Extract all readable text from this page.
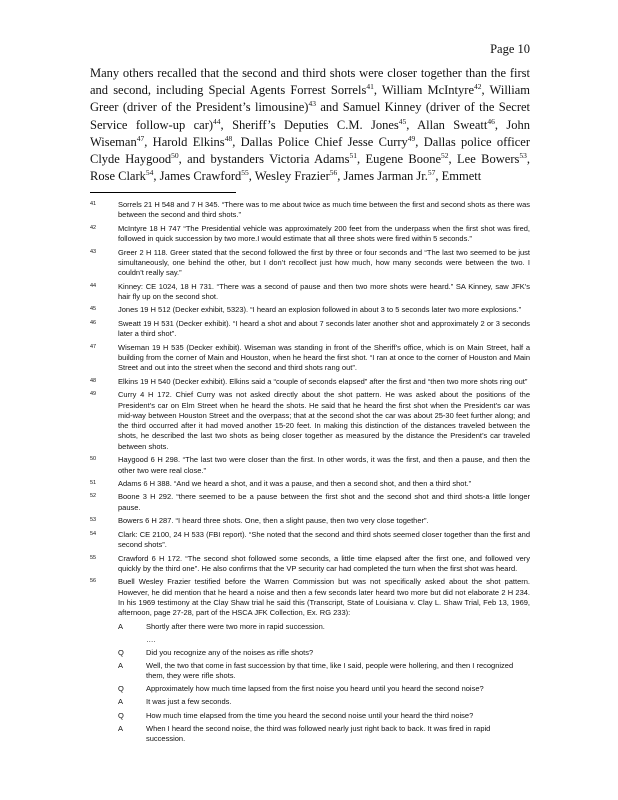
Page 10

Many others recalled that the second and third shots were closer together than the first and second, including Special Agents Forrest Sorrels$^{41}$, William McIntyre$^{42}$, William Greer (driver of the President’s limousine)$^{43}$ and Samuel Kinney (driver of the Secret Service follow-up car)$^{44}$, Sheriff’s Deputies C.M. Jones$^{45}$, Allan Sweatt$^{46}$, John Wiseman$^{47}$, Harold Elkins$^{48}$, Dallas Police Chief Jesse Curry$^{49}$, Dallas police officer Clyde Haygood$^{50}$, and bystanders Victoria Adams$^{51}$, Eugene Boone$^{52}$, Lee Bowers$^{53}$, Rose Clark$^{54}$, James Crawford$^{55}$, Wesley Frazier$^{56}$, James Jarman Jr.$^{57}$, Emmett

41	Sorrels 21 H 548 and 7 H 345. “There was to me about twice as much time between the first and second shots as there was between the second and third shots.”
42	McIntyre 18 H 747 “The Presidential vehicle was approximately 200 feet from the underpass when the first shot was fired, followed in quick succession by two more.I would estimate that all three shots were fired within 5 seconds.”
43	Greer 2 H 118. Greer stated that the second followed the first by three or four seconds and “The last two seemed to be just simultaneously, one behind the other, but I don’t recollect just how much, how many seconds were between the two. I couldn’t really say.”
44	Kinney: CE 1024, 18 H 731. “There was a second of pause and then two more shots were heard.” SA Kinney, saw JFK’s hair fly up on the second shot.
45	Jones 19 H 512 (Decker exhibit, 5323). “I heard an explosion followed in about 3 to 5 seconds later two more explosions.”
46	Sweatt 19 H 531 (Decker exhibit). “I heard a shot and about 7 seconds later another shot and approximately 2 or 3 seconds later a third shot”.
47	Wiseman 19 H 535 (Decker exhibit). Wiseman was standing in front of the Sheriff’s office, which is on Main Street, half a building from the corner of Main and Houston, when he heard the first shot. “I ran at once to the corner of Houston and Main Street and out into the street when the second and third shots rang out”.
48	Elkins 19 H 540 (Decker exhibit). Elkins said a “couple of seconds elapsed” after the first and “then two more shots ring out”
49	Curry 4 H 172. Chief Curry was not asked directly about the shot pattern. He was asked about the positions of the President’s car on Elm Street when he heard the shots. He said that he heard the first shot when the President’s car was mid-way between Houston Street and the overpass; that at the second shot the car was about 25-30 feet further along; and the third occurred after it had moved another 15-20 feet. In making this distinction of the distances traveled between the shots, he described the last two shots as being closer together as measured by the distance the President’s car traveled between shots.
50	Haygood 6 H 298. “The last two were closer than the first. In other words, it was the first, and then a pause, and then the other two were real close.”
51	Adams 6 H 388. “And we heard a shot, and it was a pause, and then a second shot, and then a third shot.”
52	Boone 3 H 292. “there seemed to be a pause between the first shot and the second shot and third shots-a little longer pause.
53	Bowers 6 H 287. “I heard three shots. One, then a slight pause, then two very close together”.
54	Clark: CE 2100, 24 H 533 (FBI report). “She noted that the second and third shots seemed closer together than the first and second shots”.
55	Crawford 6 H 172. “The second shot followed some seconds, a little time elapsed after the first one, and followed very quickly by the third one”. He also confirms that the VP security car had completed the turn when the first shot was heard.
56	Buell Wesley Frazier testified before the Warren Commission but was not specifically asked about the shot pattern. However, he did mention that he heard a noise and then a few seconds later heard two more but did not elaborate 2 H 234. In his 1969 testimony at the Clay Shaw trial he said this (Transcript, State of Louisiana v. Clay L. Shaw Trial, Feb 13, 1969, afternoon, page 27-28, part of the HSCA JFK Collection, Ex. RG 233):
A	Shortly after there were two more in rapid succession.
….
Q	Did you recognize any of the noises as rifle shots?
A	Well, the two that come in fast succession by that time, like I said, people were hollering, and then I recognized them, they were rifle shots.
Q	Approximately how much time lapsed from the first noise you heard until you heard the second noise?
A	It was just a few seconds.
Q	How much time elapsed from the time you heard the second noise until your heard the third noise?
A	When I heard the second noise, the third was followed nearly just right back to back. It was fired in rapid succession.
